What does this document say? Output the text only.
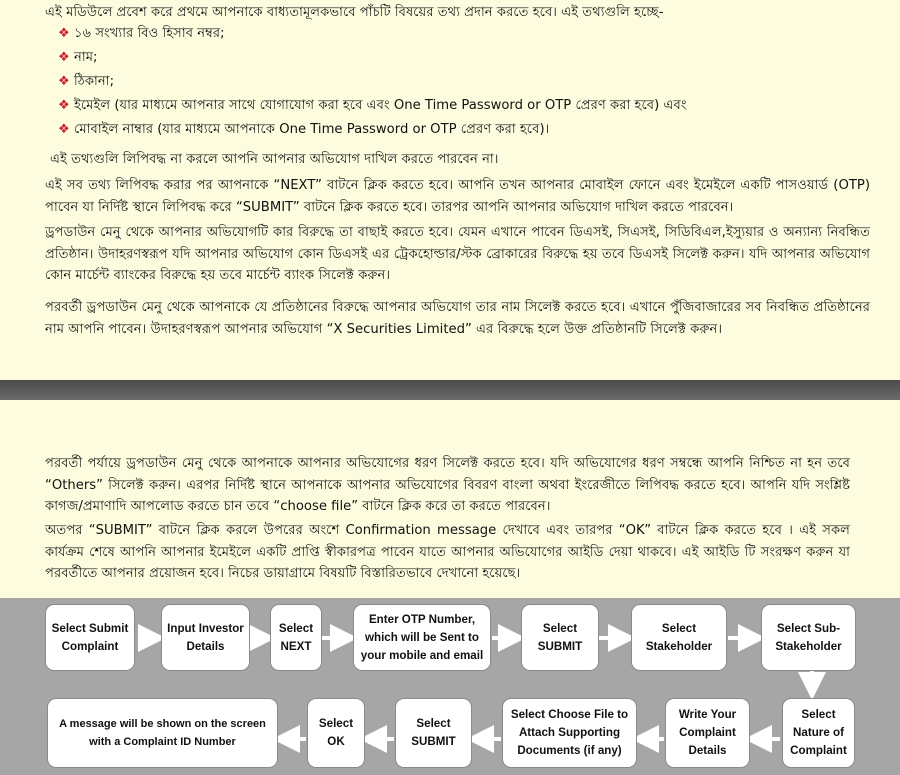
এই মডিউলে প্রবেশ করে প্রথমে আপনাকে বাধ্যতামূলকভাবে পাঁচটি বিষয়ের তথ্য প্রদান করতে হবে। এই তথ্যগুলি হচ্ছে-

❖ ১৬ সংখ্যার বিও হিসাব নম্বর;
❖ নাম;
❖ ঠিকানা;
❖ ইমেইল (যার মাধ্যমে আপনার সাথে যোগাযোগ করা হবে এবং One Time Password or OTP প্রেরণ করা হবে) এবং
❖ মোবাইল নাম্বার (যার মাধ্যমে আপনাকে One Time Password or OTP প্রেরণ করা হবে)।

এই তথ্যগুলি লিপিবদ্ধ না করলে আপনি আপনার অভিযোগ দাখিল করতে পারবেন না।

এই সব তথ্য লিপিবদ্ধ করার পর আপনাকে “NEXT” বাটনে ক্লিক করতে হবে। আপনি তখন আপনার মোবাইল ফোনে এবং ইমেইলে একটি পাসওয়ার্ড (OTP) পাবেন যা নির্দিষ্ট স্থানে লিপিবদ্ধ করে “SUBMIT” বাটনে ক্লিক করতে হবে। তারপর আপনি আপনার অভিযোগ দাখিল করতে পারবেন।

ড্রপডাউন মেনু থেকে আপনার অভিযোগটি কার বিরুদ্ধে তা বাছাই করতে হবে। যেমন এখানে পাবেন ডিএসই, সিএসই, সিডিবিএল,ইস্যুয়ার ও অন্যান্য নিবন্ধিত প্রতিষ্ঠান। উদাহরণস্বরূপ যদি আপনার অভিযোগ কোন ডিএসই এর ট্রেকহোল্ডার/স্টক ব্রোকারের বিরুদ্ধে হয় তবে ডিএসই সিলেক্ট করুন। যদি আপনার অভিযোগ কোন মার্চেন্ট ব্যাংকের বিরুদ্ধে হয় তবে মার্চেন্ট ব্যাংক সিলেক্ট করুন।

পরবর্তী ড্রপডাউন মেনু থেকে আপনাকে যে প্রতিষ্ঠানের বিরুদ্ধে আপনার অভিযোগ তার নাম সিলেক্ট করতে হবে। এখানে পুঁজিবাজারের সব নিবন্ধিত প্রতিষ্ঠানের নাম আপনি পাবেন। উদাহরণস্বরূপ আপনার অভিযোগ “X Securities Limited” এর বিরুদ্ধে হলে উক্ত প্রতিষ্ঠানটি সিলেক্ট করুন।

পরবর্তী পর্যায়ে ড্রপডাউন মেনু থেকে আপনাকে আপনার অভিযোগের ধরণ সিলেক্ট করতে হবে। যদি অভিযোগের ধরণ সম্বন্ধে আপনি নিশ্চিত না হন তবে “Others” সিলেক্ট করুন। এরপর নির্দিষ্ট স্থানে আপনাকে আপনার অভিযোগের বিবরণ বাংলা অথবা ইংরেজীতে লিপিবদ্ধ করতে হবে। আপনি যদি সংশ্লিষ্ট কাগজ/প্রমাণাদি আপলোড করতে চান তবে “choose file” বাটনে ক্লিক করে তা করতে পারবেন।

অতপর “SUBMIT” বাটনে ক্লিক করলে উপরের অংশে Confirmation message দেখাবে এবং তারপর “OK” বাটনে ক্লিক করতে হবে । এই সকল কার্যক্রম শেষে আপনি আপনার ইমেইলে একটি প্রাপ্তি স্বীকারপত্র পাবেন যাতে আপনার অভিযোগের আইডি দেয়া থাকবে। এই আইডি টি সংরক্ষণ করুন যা পরবর্তীতে আপনার প্রয়োজন হবে। নিচের ডায়াগ্রামে বিষয়টি বিস্তারিতভাবে দেখানো হয়েছে।

Select Submit Complaint
Input Investor Details
Select NEXT
Enter OTP Number, which will be Sent to your mobile and email
Select SUBMIT
Select Stakeholder
Select Sub-Stakeholder
Select Nature of Complaint
Write Your Complaint Details
Select Choose File to Attach Supporting Documents (if any)
Select SUBMIT
Select OK
A message will be shown on the screen with a Complaint ID Number
